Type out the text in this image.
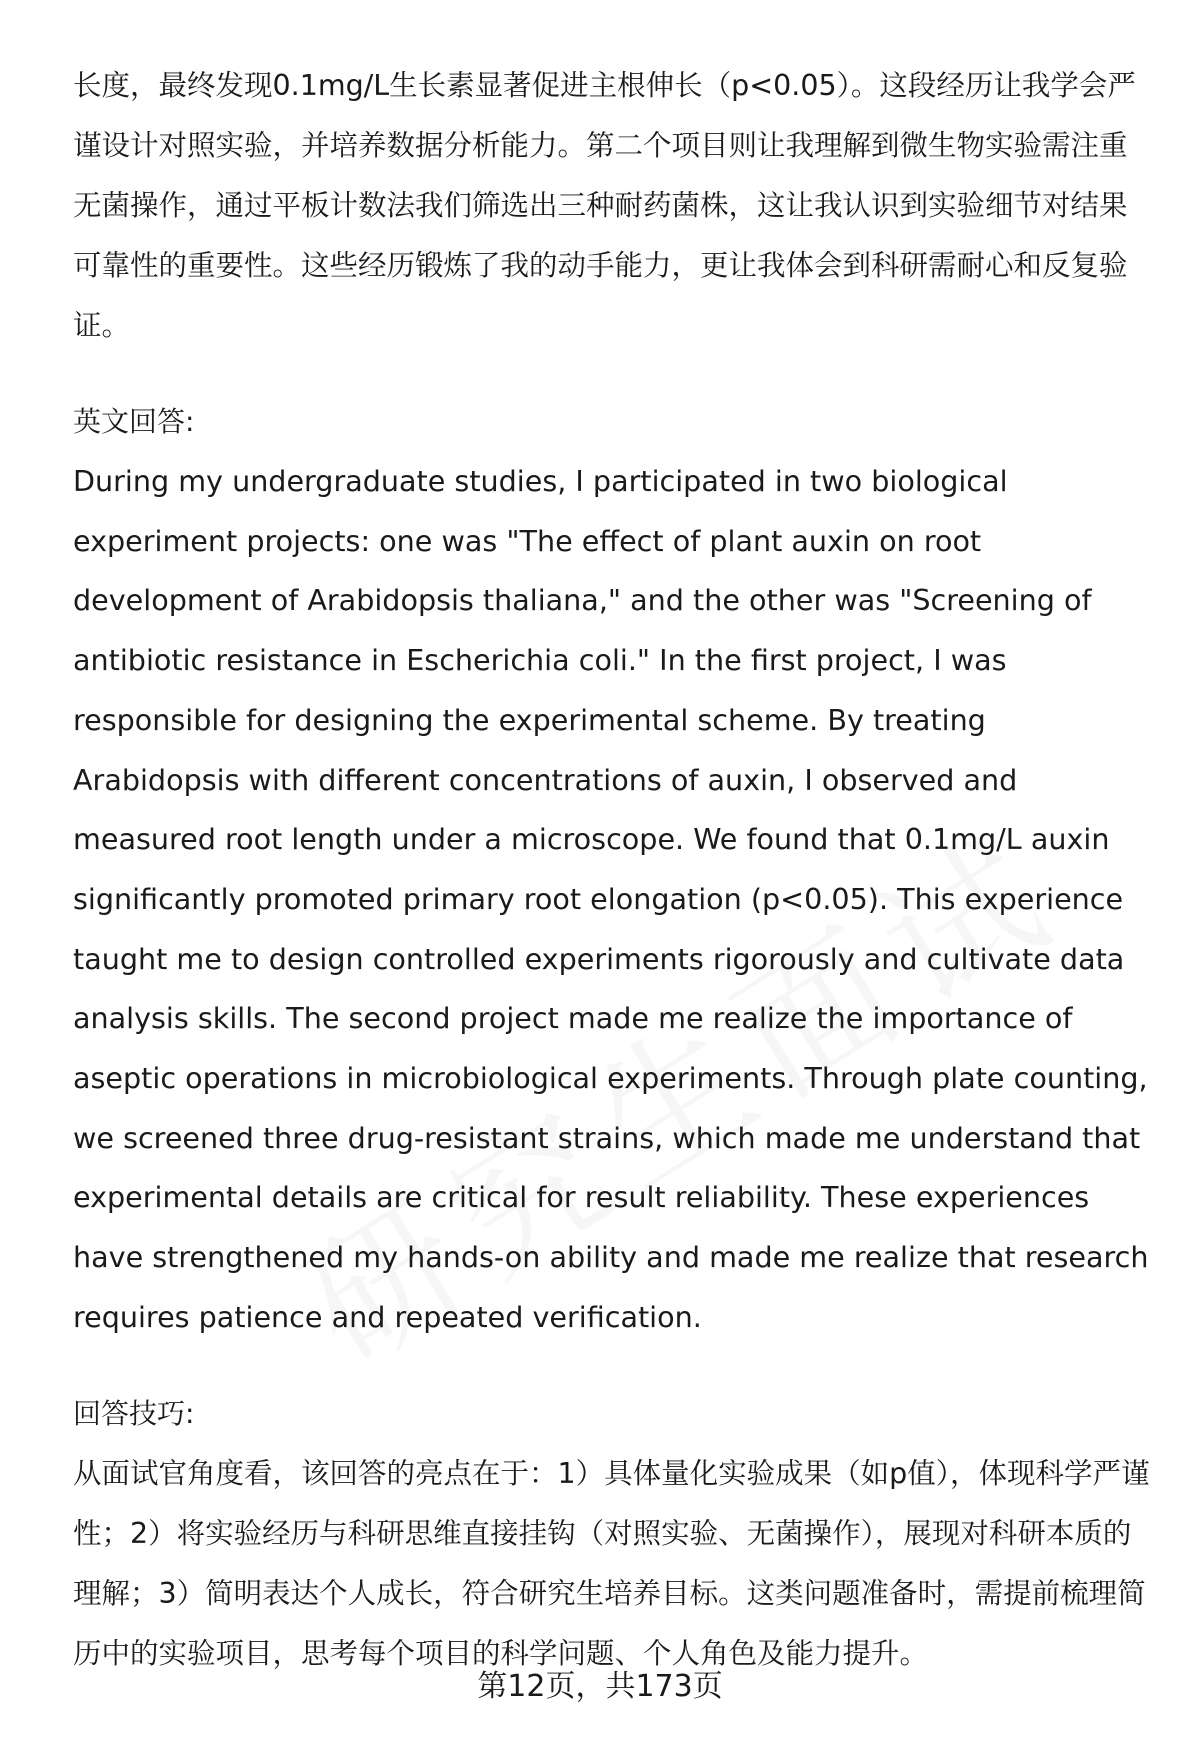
长度，最终发现0.1mg/L生长素显著促进主根伸长（p<0.05）。这段经历让我学会严谨设计对照实验，并培养数据分析能力。第二个项目则让我理解到微生物实验需注重无菌操作，通过平板计数法我们筛选出三种耐药菌株，这让我认识到实验细节对结果可靠性的重要性。这些经历锻炼了我的动手能力，更让我体会到科研需耐心和反复验证。

英文回答:

During my undergraduate studies, I participated in two biological experiment projects: one was "The effect of plant auxin on root development of Arabidopsis thaliana," and the other was "Screening of antibiotic resistance in Escherichia coli." In the first project, I was responsible for designing the experimental scheme. By treating Arabidopsis with different concentrations of auxin, I observed and measured root length under a microscope. We found that 0.1mg/L auxin significantly promoted primary root elongation (p<0.05). This experience taught me to design controlled experiments rigorously and cultivate data analysis skills. The second project made me realize the importance of aseptic operations in microbiological experiments. Through plate counting, we screened three drug-resistant strains, which made me understand that experimental details are critical for result reliability. These experiences have strengthened my hands-on ability and made me realize that research requires patience and repeated verification.

回答技巧:

从面试官角度看，该回答的亮点在于：1）具体量化实验成果（如p值），体现科学严谨性；2）将实验经历与科研思维直接挂钩（对照实验、无菌操作），展现对科研本质的理解；3）简明表达个人成长，符合研究生培养目标。这类问题准备时，需提前梳理简历中的实验项目，思考每个项目的科学问题、个人角色及能力提升。

第12页，共173页
